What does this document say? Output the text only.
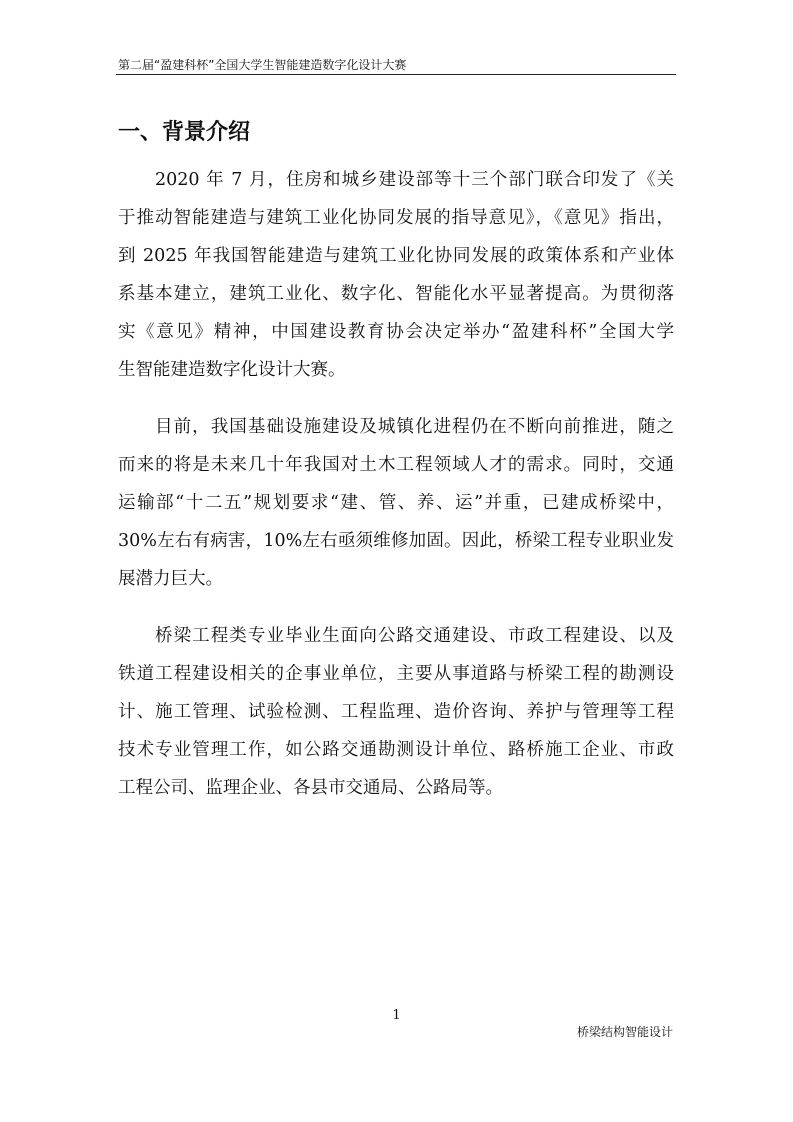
第二届“盈建科杯”全国大学生智能建造数字化设计大赛
一、背景介绍
2020 年 7 月，住房和城乡建设部等十三个部门联合印发了《关
于推动智能建造与建筑工业化协同发展的指导意见》，《意见》指出，
到 2025 年我国智能建造与建筑工业化协同发展的政策体系和产业体
系基本建立，建筑工业化、数字化、智能化水平显著提高。为贯彻落
实《意见》精神，中国建设教育协会决定举办“盈建科杯”全国大学
生智能建造数字化设计大赛。
目前，我国基础设施建设及城镇化进程仍在不断向前推进，随之
而来的将是未来几十年我国对土木工程领域人才的需求。同时，交通
运输部“十二五”规划要求“建、管、养、运”并重，已建成桥梁中，
30%左右有病害，10%左右亟须维修加固。因此，桥梁工程专业职业发
展潜力巨大。
桥梁工程类专业毕业生面向公路交通建设、市政工程建设、以及
铁道工程建设相关的企事业单位，主要从事道路与桥梁工程的勘测设
计、施工管理、试验检测、工程监理、造价咨询、养护与管理等工程
技术专业管理工作，如公路交通勘测设计单位、路桥施工企业、市政
工程公司、监理企业、各县市交通局、公路局等。
1
桥梁结构智能设计
